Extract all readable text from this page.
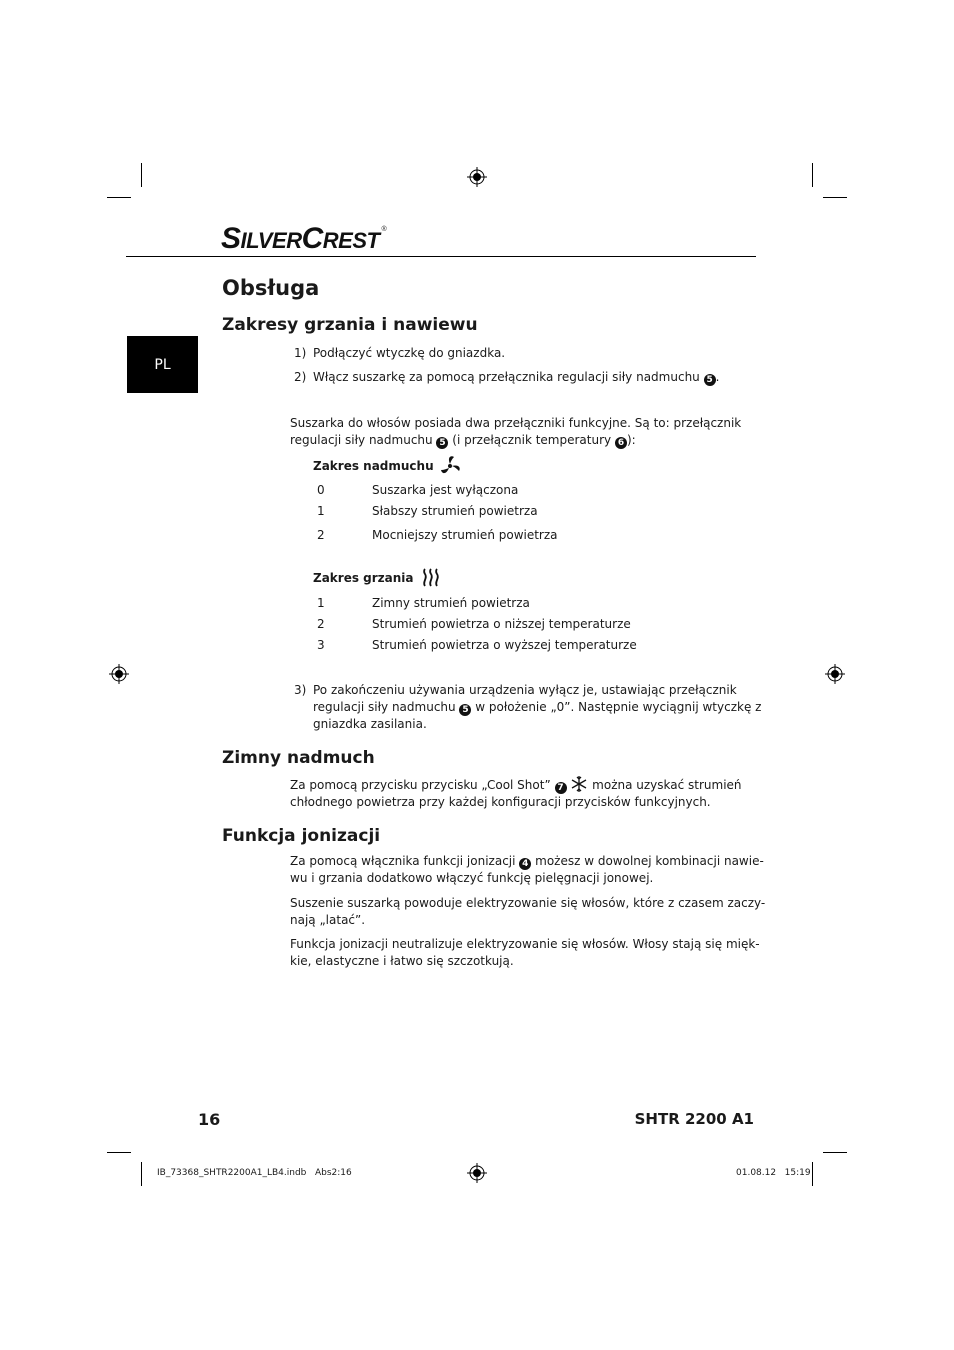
SILVERCREST ®
PL
Obsługa
Zakresy grzania i nawiewu
1) Podłączyć wtyczkę do gniazdka.
2) Włącz suszarkę za pomocą przełącznika regulacji siły nadmuchu 5 .
Suszarka do włosów posiada dwa przełączniki funkcyjne. Są to: przełącznik
regulacji siły nadmuchu 5 (i przełącznik temperatury 6 ):
Zakres nadmuchu
0	Suszarka jest wyłączona
1	Słabszy strumień powietrza
2	Mocniejszy strumień powietrza
Zakres grzania
1	Zimny strumień powietrza
2	Strumień powietrza o niższej temperaturze
3	Strumień powietrza o wyższej temperaturze
3) Po zakończeniu używania urządzenia wyłącz je, ustawiając przełącznik
regulacji siły nadmuchu 5 w położenie „0”. Następnie wyciągnij wtyczkę z
gniazdka zasilania.
Zimny nadmuch
Za pomocą przycisku przycisku „Cool Shot” 7 można uzyskać strumień
chłodnego powietrza przy każdej konfiguracji przycisków funkcyjnych.
Funkcja jonizacji
Za pomocą włącznika funkcji jonizacji 4 możesz w dowolnej kombinacji nawie-
wu i grzania dodatkowo włączyć funkcję pielęgnacji jonowej.
Suszenie suszarką powoduje elektryzowanie się włosów, które z czasem zaczy-
nają „latać”.
Funkcja jonizacji neutralizuje elektryzowanie się włosów. Włosy stają się mięk-
kie, elastyczne i łatwo się szczotkują.
16	SHTR 2200 A1
IB_73368_SHTR2200A1_LB4.indb   Abs2:16	01.08.12   15:19
